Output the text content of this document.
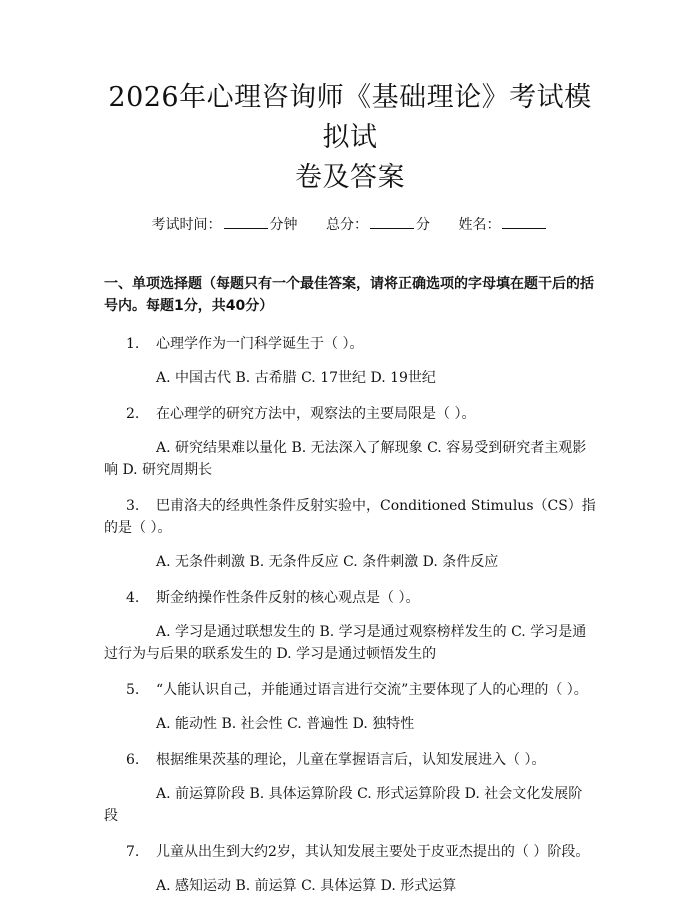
2026年心理咨询师《基础理论》考试模拟试
卷及答案
考试时间：	分钟 总分：	分 姓名：
一、单项选择题（每题只有一个最佳答案，请将正确选项的字母填在题干后的括号内。每题1分，共40分）

1. 心理学作为一门科学诞生于（ ）。

A. 中国古代 B. 古希腊 C. 17世纪 D. 19世纪

2. 在心理学的研究方法中，观察法的主要局限是（ ）。

A. 研究结果难以量化 B. 无法深入了解现象 C. 容易受到研究者主观影响 D. 研究周期长

3. 巴甫洛夫的经典性条件反射实验中，Conditioned Stimulus（CS）指的是（ ）。

A. 无条件刺激 B. 无条件反应 C. 条件刺激 D. 条件反应

4. 斯金纳操作性条件反射的核心观点是（ ）。

A. 学习是通过联想发生的 B. 学习是通过观察榜样发生的 C. 学习是通过行为与后果的联系发生的 D. 学习是通过顿悟发生的

5. “人能认识自己，并能通过语言进行交流”主要体现了人的心理的（ ）。

A. 能动性 B. 社会性 C. 普遍性 D. 独特性

6. 根据维果茨基的理论，儿童在掌握语言后，认知发展进入（ ）。

A. 前运算阶段 B. 具体运算阶段 C. 形式运算阶段 D. 社会文化发展阶段

7. 儿童从出生到大约2岁，其认知发展主要处于皮亚杰提出的（ ）阶段。

A. 感知运动 B. 前运算 C. 具体运算 D. 形式运算
